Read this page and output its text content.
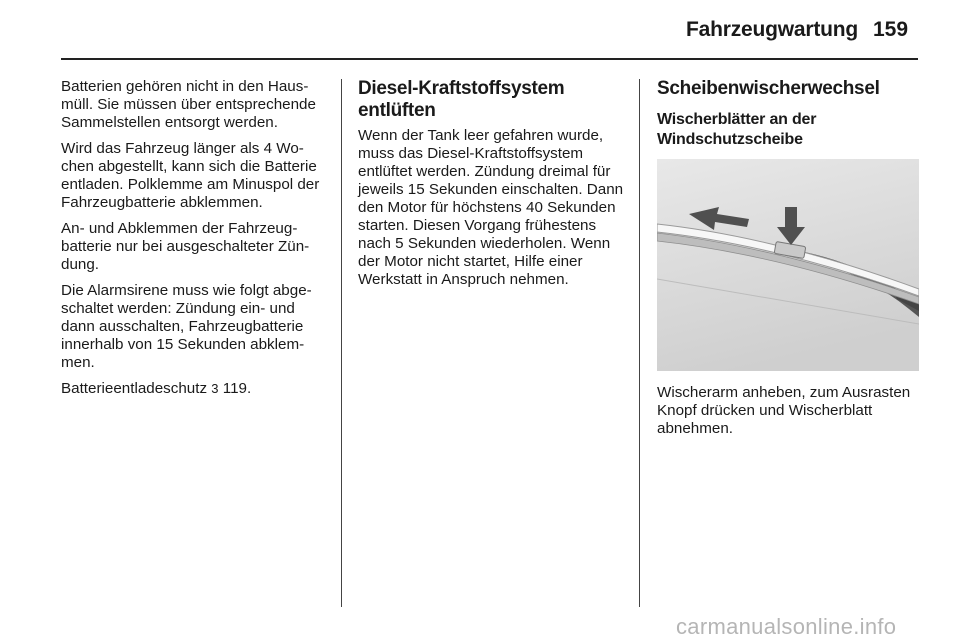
Fahrzeugwartung 159

Batterien gehören nicht in den Hausmüll. Sie müssen über entsprechende Sammelstellen entsorgt werden.

Wird das Fahrzeug länger als 4 Wochen abgestellt, kann sich die Batterie entladen. Polklemme am Minuspol der Fahrzeugbatterie abklemmen.

An- und Abklemmen der Fahrzeugbatterie nur bei ausgeschalteter Zündung.

Die Alarmsirene muss wie folgt abgeschaltet werden: Zündung ein- und dann ausschalten, Fahrzeugbatterie innerhalb von 15 Sekunden abklemmen.

Batterieentladeschutz 3 119.

Diesel-Kraftstoffsystem entlüften

Wenn der Tank leer gefahren wurde, muss das Diesel-Kraftstoffsystem entlüftet werden. Zündung dreimal für jeweils 15 Sekunden einschalten. Dann den Motor für höchstens 40 Sekunden starten. Diesen Vorgang frühestens nach 5 Sekunden wiederholen. Wenn der Motor nicht startet, Hilfe einer Werkstatt in Anspruch nehmen.

Scheibenwischerwechsel
Wischerblätter an der Windschutzscheibe

Wischerarm anheben, zum Ausrasten Knopf drücken und Wischerblatt abnehmen.

carmanualsonline.info
